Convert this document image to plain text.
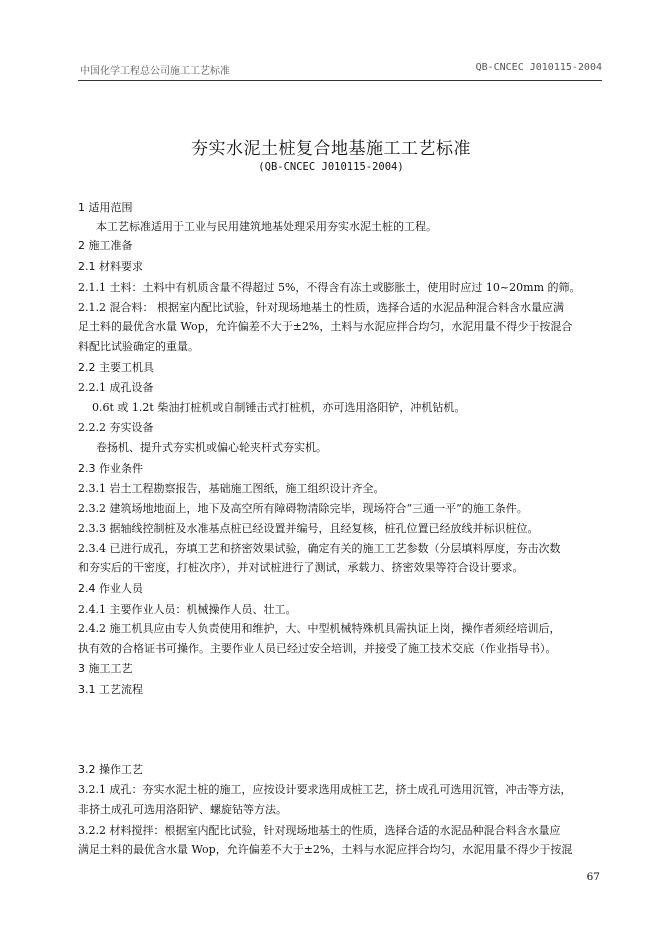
中国化学工程总公司施工工艺标准	QB-CNCEC J010115-2004
夯实水泥土桩复合地基施工工艺标准
(QB-CNCEC J010115-2004)
1 适用范围
本工艺标准适用于工业与民用建筑地基处理采用夯实水泥土桩的工程。
2 施工准备
2.1 材料要求
2.1.1 土料：土料中有机质含量不得超过 5%，不得含有冻土或膨胀土，使用时应过 10~20mm 的筛。
2.1.2 混合料： 根据室内配比试验，针对现场地基土的性质，选择合适的水泥品种混合料含水量应满
足土料的最优含水量 Wop，允许偏差不大于±2%，土料与水泥应拌合均匀，水泥用量不得少于按混合
料配比试验确定的重量。
2.2 主要工机具
2.2.1 成孔设备
0.6t 或 1.2t 柴油打桩机或自制锤击式打桩机，亦可选用洛阳铲，冲机钻机。
2.2.2 夯实设备
卷扬机、提升式夯实机或偏心轮夹杆式夯实机。
2.3 作业条件
2.3.1 岩土工程勘察报告，基础施工图纸，施工组织设计齐全。
2.3.2 建筑场地地面上，地下及高空所有障碍物清除完毕，现场符合“三通一平”的施工条件。
2.3.3 据轴线控制桩及水准基点桩已经设置并编号，且经复核，桩孔位置已经放线并标识桩位。
2.3.4 已进行成孔，夯填工艺和挤密效果试验，确定有关的施工工艺参数（分层填料厚度，夯击次数
和夯实后的干密度，打桩次序），并对试桩进行了测试，承载力、挤密效果等符合设计要求。
2.4 作业人员
2.4.1 主要作业人员：机械操作人员、壮工。
2.4.2 施工机具应由专人负责使用和维护，大、中型机械特殊机具需执证上岗，操作者须经培训后，
执有效的合格证书可操作。主要作业人员已经过安全培训，并接受了施工技术交底（作业指导书）。
3 施工工艺
3.1 工艺流程
3.2 操作工艺
3.2.1 成孔：夯实水泥土桩的施工，应按设计要求选用成桩工艺，挤土成孔可选用沉管，冲击等方法，
非挤土成孔可选用洛阳铲、螺旋钻等方法。
3.2.2 材料搅拌：根据室内配比试验，针对现场地基土的性质，选择合适的水泥品种混合料含水量应
满足土料的最优含水量 Wop，允许偏差不大于±2%，土料与水泥应拌合均匀，水泥用量不得少于按混
67
